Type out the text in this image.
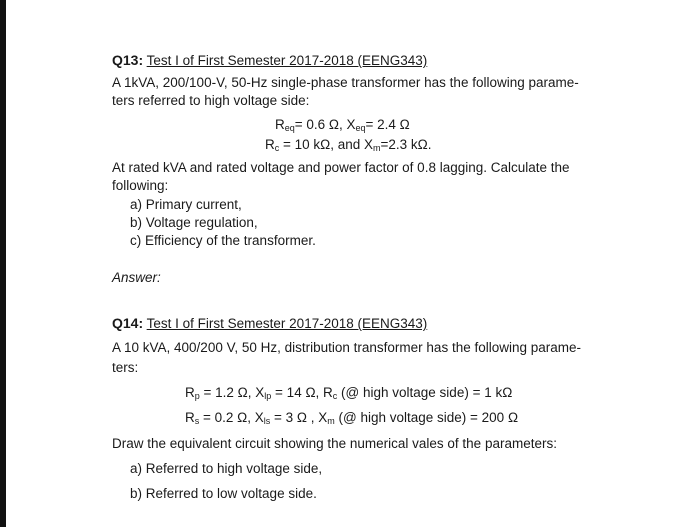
Q13: Test I of First Semester 2017-2018 (EENG343)
A 1kVA, 200/100-V, 50-Hz single-phase transformer has the following parame-
ters referred to high voltage side:
$R_{eq}= 0.6$ Ω, $X_{eq}= 2.4$ Ω
$R_c = 10$ kΩ, and $X_m=2.3$ kΩ.
At rated kVA and rated voltage and power factor of 0.8 lagging. Calculate the
following:
a) Primary current,
b) Voltage regulation,
c) Efficiency of the transformer.
Answer:
Q14: Test I of First Semester 2017-2018 (EENG343)
A 10 kVA, 400/200 V, 50 Hz, distribution transformer has the following parame-
ters:
$R_p = 1.2$ Ω, $X_{lp} = 14$ Ω, $R_c$ (@ high voltage side) = 1 kΩ
$R_s = 0.2$ Ω, $X_{ls} = 3$ Ω , $X_m$ (@ high voltage side) = 200 Ω
Draw the equivalent circuit showing the numerical vales of the parameters:
a) Referred to high voltage side,
b) Referred to low voltage side.
